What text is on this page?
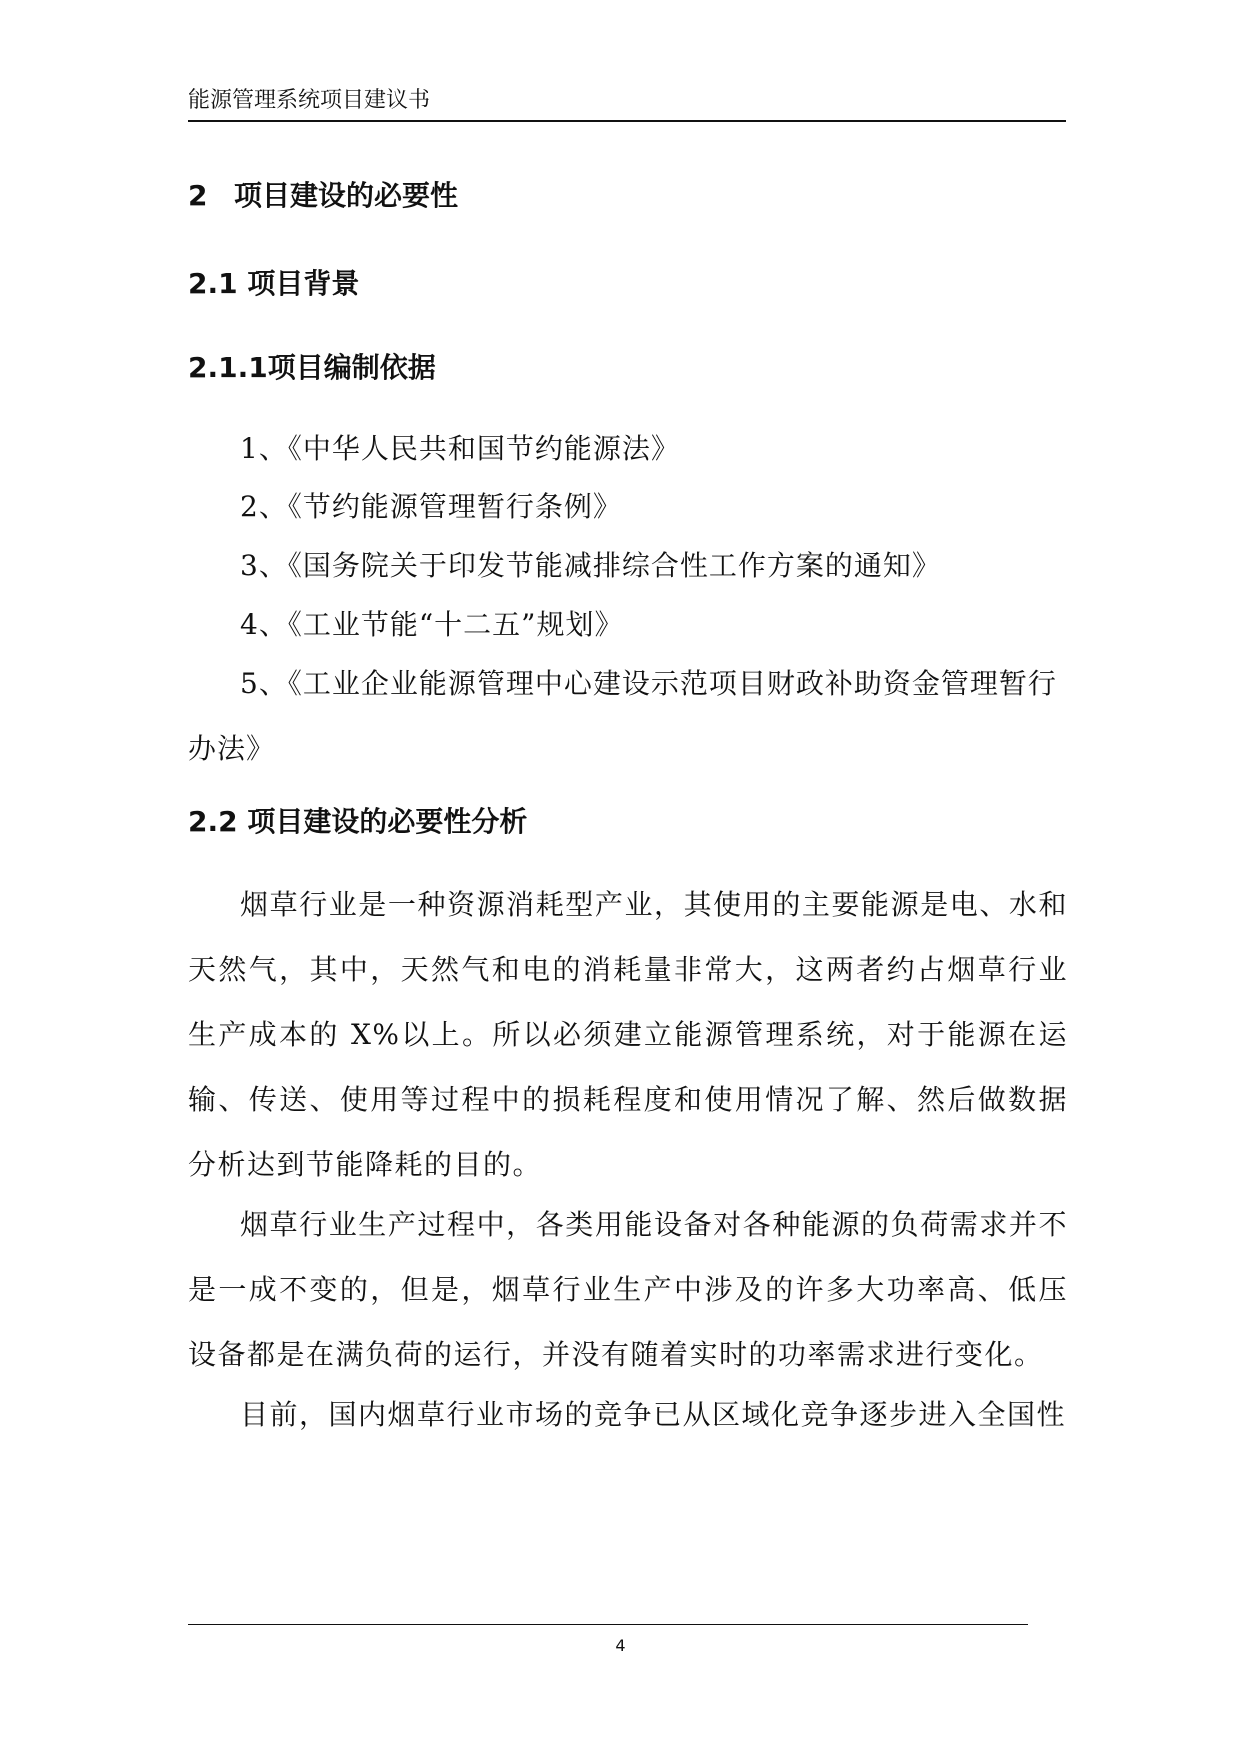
能源管理系统项目建议书
2 项目建设的必要性
2.1 项目背景
2.1.1项目编制依据
1、《中华人民共和国节约能源法》
2、《节约能源管理暂行条例》
3、《国务院关于印发节能减排综合性工作方案的通知》
4、《工业节能“十二五”规划》
5、《工业企业能源管理中心建设示范项目财政补助资金管理暂行办法》
2.2 项目建设的必要性分析
烟草行业是一种资源消耗型产业，其使用的主要能源是电、水和天然气，其中，天然气和电的消耗量非常大，这两者约占烟草行业生产成本的 X%以上。所以必须建立能源管理系统，对于能源在运输、传送、使用等过程中的损耗程度和使用情况了解、然后做数据分析达到节能降耗的目的。
烟草行业生产过程中，各类用能设备对各种能源的负荷需求并不是一成不变的，但是，烟草行业生产中涉及的许多大功率高、低压设备都是在满负荷的运行，并没有随着实时的功率需求进行变化。
目前，国内烟草行业市场的竞争已从区域化竞争逐步进入全国性
4
